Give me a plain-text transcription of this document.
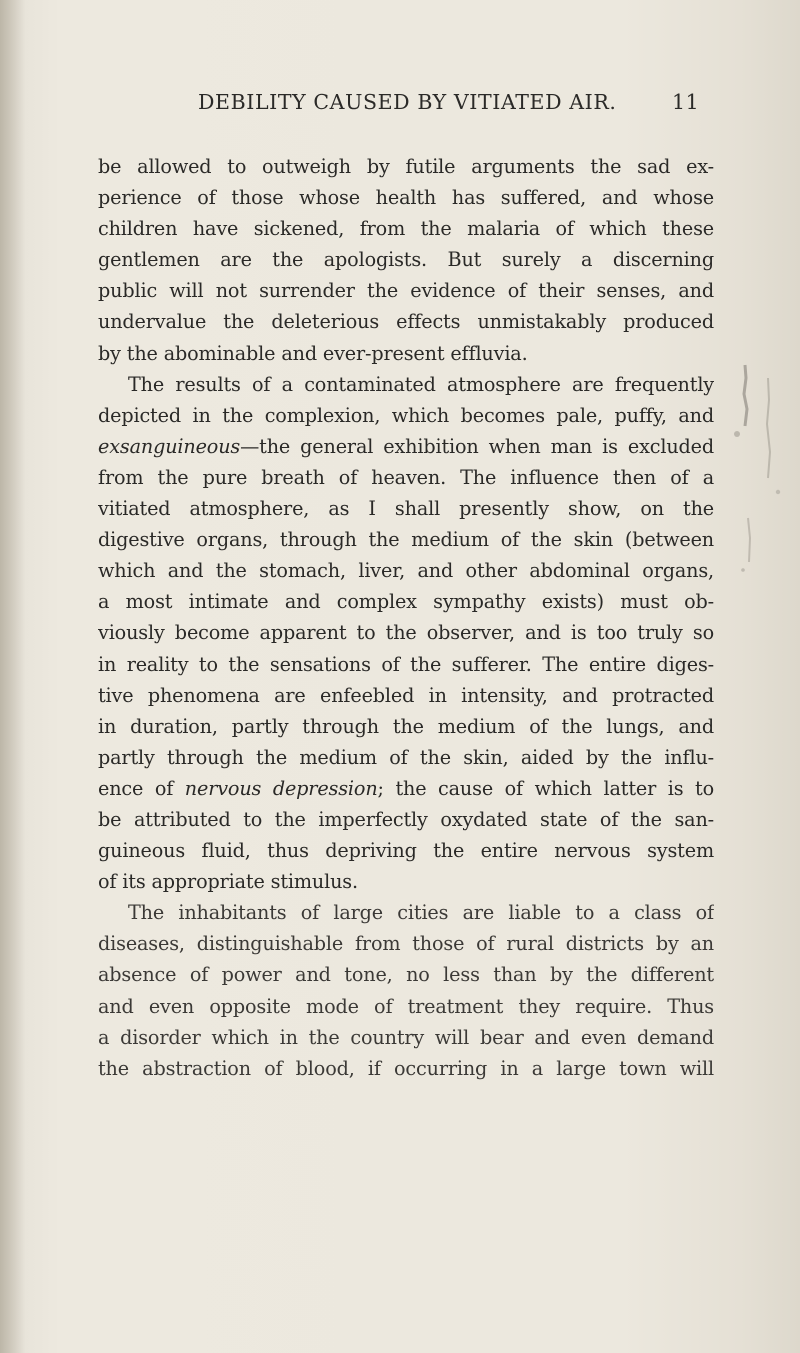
DEBILITY CAUSED BY VITIATED AIR.	11
be allowed to outweigh by futile arguments the sad ex-
perience of those whose health has suffered, and whose
children have sickened, from the malaria of which these
gentlemen are the apologists. But surely a discerning
public will not surrender the evidence of their senses, and
undervalue the deleterious effects unmistakably produced
by the abominable and ever-present effluvia.
The results of a contaminated atmosphere are frequently
depicted in the complexion, which becomes pale, puffy, and
exsanguineous—the general exhibition when man is excluded
from the pure breath of heaven. The influence then of a
vitiated atmosphere, as I shall presently show, on the
digestive organs, through the medium of the skin (between
which and the stomach, liver, and other abdominal organs,
a most intimate and complex sympathy exists) must ob-
viously become apparent to the observer, and is too truly so
in reality to the sensations of the sufferer. The entire diges-
tive phenomena are enfeebled in intensity, and protracted
in duration, partly through the medium of the lungs, and
partly through the medium of the skin, aided by the influ-
ence of nervous depression; the cause of which latter is to
be attributed to the imperfectly oxydated state of the san-
guineous fluid, thus depriving the entire nervous system
of its appropriate stimulus.
The inhabitants of large cities are liable to a class of
diseases, distinguishable from those of rural districts by an
absence of power and tone, no less than by the different
and even opposite mode of treatment they require. Thus
a disorder which in the country will bear and even demand
the abstraction of blood, if occurring in a large town will
